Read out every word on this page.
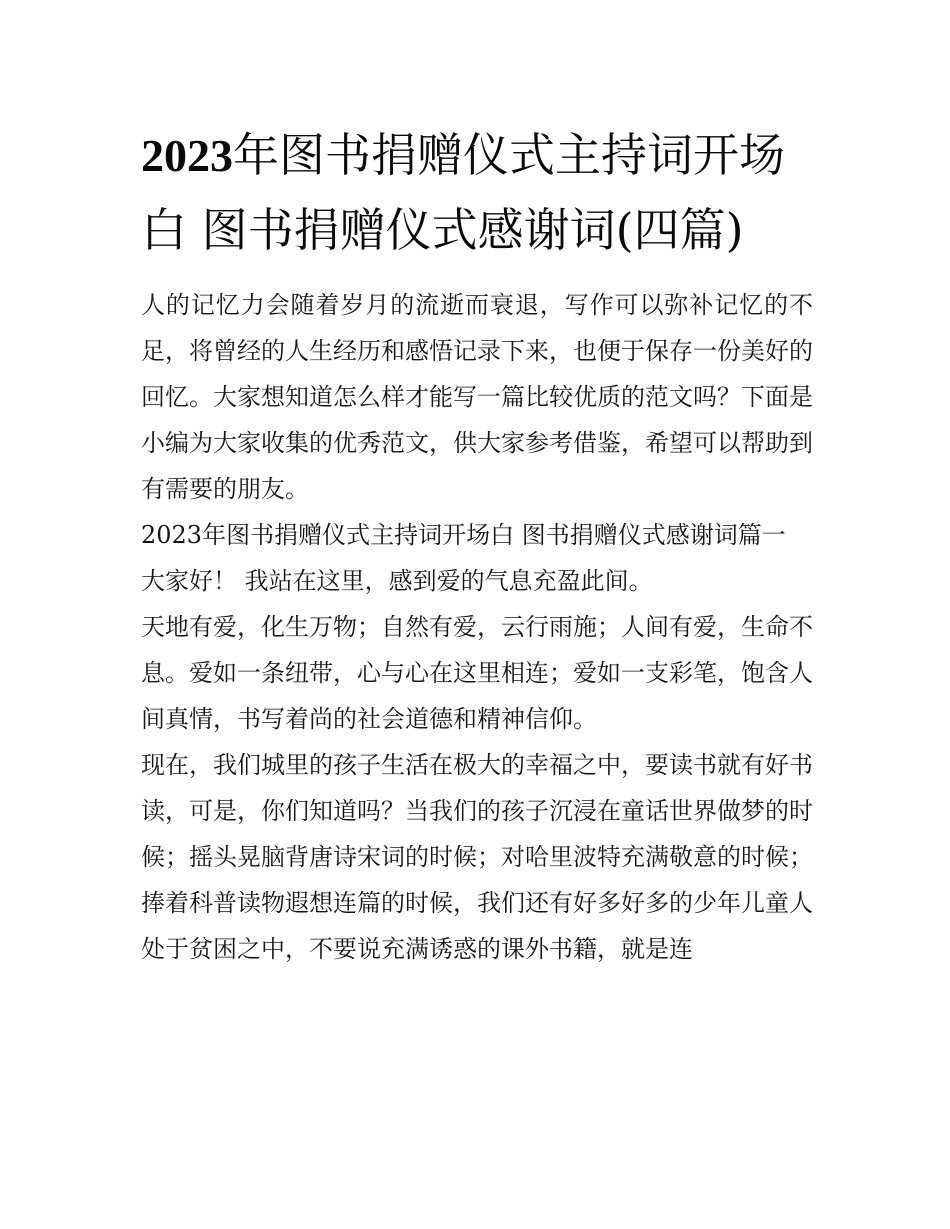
2023年图书捐赠仪式主持词开场白 图书捐赠仪式感谢词(四篇)

人的记忆力会随着岁月的流逝而衰退，写作可以弥补记忆的不足，将曾经的人生经历和感悟记录下来，也便于保存一份美好的回忆。大家想知道怎么样才能写一篇比较优质的范文吗？下面是小编为大家收集的优秀范文，供大家参考借鉴，希望可以帮助到有需要的朋友。

2023年图书捐赠仪式主持词开场白 图书捐赠仪式感谢词篇一

大家好！ 我站在这里，感到爱的气息充盈此间。

天地有爱，化生万物；自然有爱，云行雨施；人间有爱，生命不息。爱如一条纽带，心与心在这里相连；爱如一支彩笔，饱含人间真情，书写着尚的社会道德和精神信仰。

现在，我们城里的孩子生活在极大的幸福之中，要读书就有好书读，可是，你们知道吗？当我们的孩子沉浸在童话世界做梦的时候；摇头晃脑背唐诗宋词的时候；对哈里波特充满敬意的时候；捧着科普读物遐想连篇的时候，我们还有好多好多的少年儿童人处于贫困之中，不要说充满诱惑的课外书籍，就是连
